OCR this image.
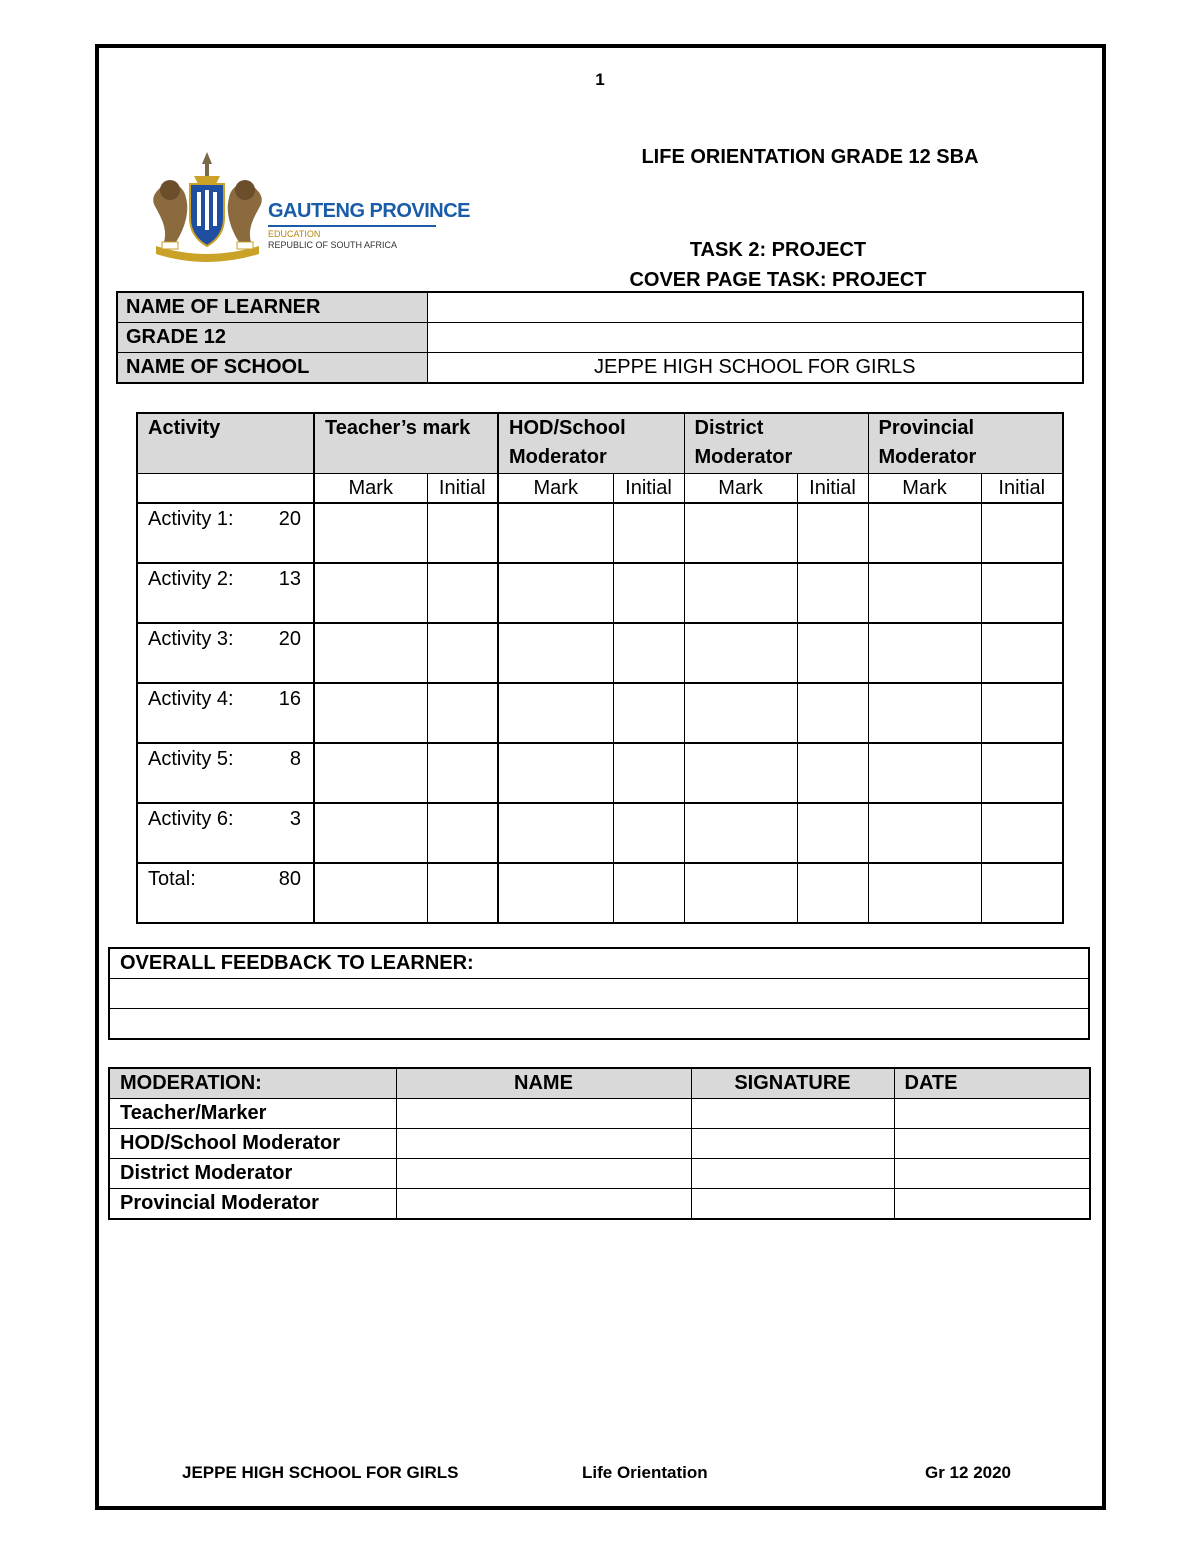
1
GAUTENG PROVINCE
EDUCATION
REPUBLIC OF SOUTH AFRICA
LIFE ORIENTATION GRADE 12 SBA
TASK 2: PROJECT
COVER PAGE TASK: PROJECT
NAME OF LEARNER	
GRADE 12	
NAME OF SCHOOL	JEPPE HIGH SCHOOL FOR GIRLS
Activity	Teacher’s mark		HOD/School Moderator		District Moderator		Provincial Moderator	
	Mark	Initial	Mark	Initial	Mark	Initial	Mark	Initial

Activity 1: 20								

Activity 2: 13								

Activity 3: 20								

Activity 4: 16								

Activity 5: 8								

Activity 6: 3								

Total: 80								

OVERALL FEEDBACK TO LEARNER:

MODERATION:	NAME	SIGNATURE	DATE
Teacher/Marker			
HOD/School Moderator			
District Moderator			
Provincial Moderator			
JEPPE HIGH SCHOOL FOR GIRLS	Life Orientation	Gr 12 2020
